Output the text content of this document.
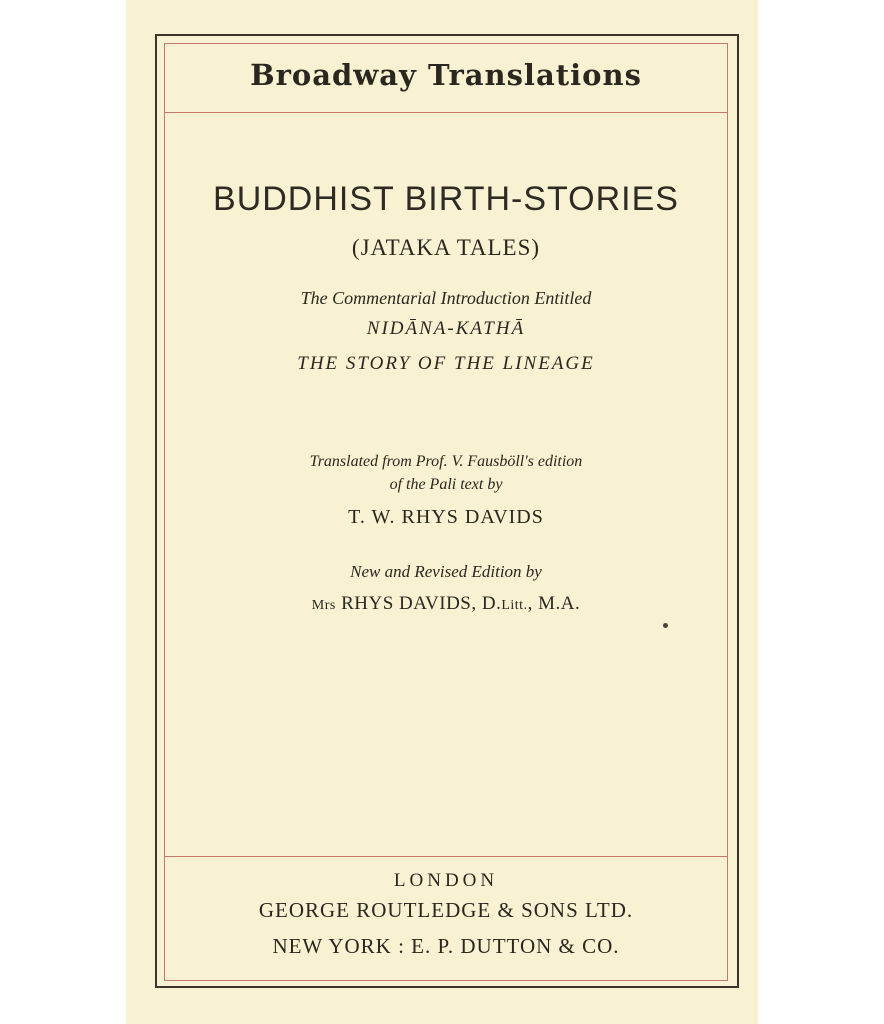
Broadway Translations
BUDDHIST BIRTH-STORIES
(JATAKA TALES)
The Commentarial Introduction Entitled
NIDĀNA-KATHĀ
THE STORY OF THE LINEAGE
Translated from Prof. V. Fausböll's edition
of the Pali text by
T. W. RHYS DAVIDS
New and Revised Edition by
Mrs RHYS DAVIDS, D.Litt., M.A.
LONDON
GEORGE ROUTLEDGE & SONS LTD.
NEW YORK : E. P. DUTTON & CO.
